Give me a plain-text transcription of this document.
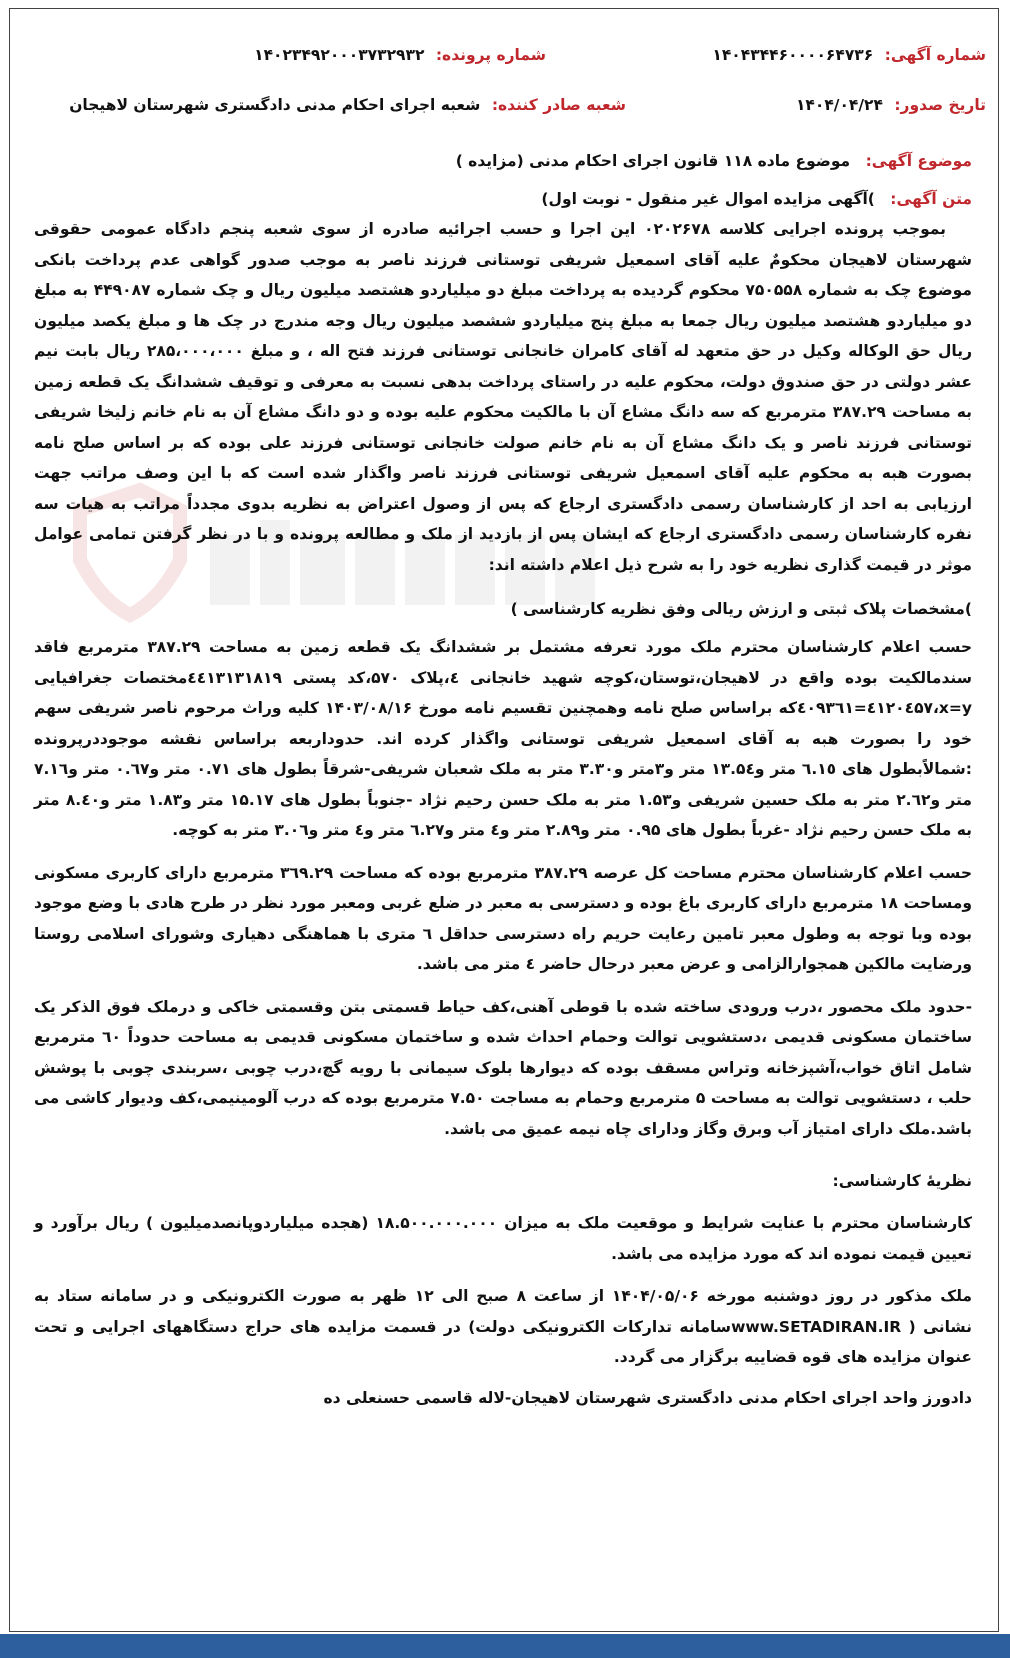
شماره آگهی: ۱۴۰۴۳۴۴۶۰۰۰۰۶۴۷۳۶
شماره پرونده: ۱۴۰۲۳۴۹۲۰۰۰۳۷۳۲۹۳۲
تاریخ صدور: ۱۴۰۴/۰۴/۲۴
شعبه صادر کننده: شعبه اجرای احکام مدنی دادگستری شهرستان لاهیجان
موضوع آگهی: موضوع ماده ۱۱۸ قانون اجرای احکام مدنی (مزایده )
متن آگهی: )آگهی مزایده اموال غیر منقول - نوبت اول)

بموجب پرونده اجرایی کلاسه ۰۲۰۲۶۷۸ این اجرا و حسب اجرائیه صادره از سوی شعبه پنجم دادگاه عمومی حقوقی شهرستان لاهیجان محکومٌ علیه آقای اسمعیل شریفی توستانی فرزند ناصر به موجب صدور گواهی عدم پرداخت بانکی موضوع چک به شماره ۷۵۰۵۵۸ محکوم گردیده به پرداخت مبلغ دو میلیاردو هشتصد میلیون ریال و چک شماره ۴۴۹۰۸۷ به مبلغ دو میلیاردو هشتصد میلیون ریال جمعا به مبلغ پنج میلیاردو ششصد میلیون ریال وجه مندرج در چک ها و مبلغ یکصد میلیون ریال حق الوکاله وکیل در حق متعهد له آقای کامران خانجانی توستانی فرزند فتح اله ، و مبلغ ۲۸۵،۰۰۰،۰۰۰ ریال بابت نیم عشر دولتی در حق صندوق دولت، محکوم علیه در راستای پرداخت بدهی نسبت به معرفی و توقیف ششدانگ یک قطعه زمین به مساحت ۳۸۷.۲۹ مترمربع که سه دانگ مشاع آن با مالکیت محکوم علیه بوده و دو دانگ مشاع آن به نام خانم زلیخا شریفی توستانی فرزند ناصر و یک دانگ مشاع آن به نام خانم صولت خانجانی توستانی فرزند علی بوده که بر اساس صلح نامه بصورت هبه به محکوم علیه آقای اسمعیل شریفی توستانی فرزند ناصر واگذار شده است که با این وصف مراتب جهت ارزیابی به احد از کارشناسان رسمی دادگستری ارجاع که پس از وصول اعتراض به نظریه بدوی مجدداً مراتب به هیات سه نفره کارشناسان رسمی دادگستری ارجاع که ایشان پس از بازدید از ملک و مطالعه پرونده و با در نظر گرفتن تمامی عوامل موثر در قیمت گذاری نظریه خود را به شرح ذیل اعلام داشته اند:

)مشخصات پلاک ثبتی و ارزش ریالی وفق نظریه کارشناسی )

حسب اعلام کارشناسان محترم ملک مورد تعرفه مشتمل بر ششدانگ یک قطعه زمین به مساحت ۳۸۷.۲۹ مترمربع فاقد سندمالکیت بوده واقع در لاهیجان،توستان،کوچه شهید خانجانی ٤،پلاک ۵۷۰،کد پستی ٤٤١٣١٣١٨١٩مختصات جغرافیایی y=٤١٢٠٤۵۷،x=٤٠٩٣٦١که براساس صلح نامه وهمچنین تقسیم نامه مورخ ۱۴۰۳/۰۸/۱۶ کلیه وراث مرحوم ناصر شریفی سهم خود را بصورت هبه به آقای اسمعیل شریفی توستانی واگذار کرده اند. حدوداربعه براساس نقشه موجوددرپرونده :شمالاًبطول های ٦.١٥ متر و١٣.۵٤ متر و٣متر و٣.٣٠ متر به ملک شعبان شریفی-شرقاً بطول های ٠.٧١ متر و٠.٦٧ متر و٧.١٦ متر و٢.٦٢ متر به ملک حسین شریفی و١.۵٣ متر به ملک حسن رحیم نژاد -جنوباً بطول های ١۵.١٧ متر و١.٨٣ متر و٨.٤٠ متر به ملک حسن رحیم نژاد -غرباً بطول های ٠.٩۵ متر و٢.٨٩ متر و٤ متر و٦.٢٧ متر و٤ متر و٣.٠٦ متر به کوچه.

حسب اعلام کارشناسان محترم مساحت کل عرصه ۳۸۷.۲۹ مترمربع بوده که مساحت ٣٦٩.٢٩ مترمربع دارای کاربری مسکونی ومساحت ١٨ مترمربع دارای کاربری باغ بوده و دسترسی به معبر در ضلع غربی ومعبر مورد نظر در طرح هادی با وضع موجود بوده وبا توجه به وطول معبر تامین رعایت حریم راه دسترسی حداقل ٦ متری با هماهنگی دهیاری وشورای اسلامی روستا ورضایت مالکین همجوارالزامی و عرض معبر درحال حاضر ٤ متر می باشد.

-حدود ملک محصور ،درب ورودی ساخته شده با قوطی آهنی،کف حیاط قسمتی بتن وقسمتی خاکی و درملک فوق الذکر یک ساختمان مسکونی قدیمی ،دستشویی توالت وحمام احداث شده و ساختمان مسکونی قدیمی به مساحت حدوداً ٦٠ مترمربع شامل اتاق خواب،آشپزخانه وتراس مسقف بوده که دیوارها بلوک سیمانی با رویه گچ،درب چوبی ،سربندی چوبی با پوشش حلب ، دستشویی توالت به مساحت ۵ مترمربع وحمام به مساجت ٧.۵٠ مترمربع بوده که درب آلومینیمی،کف ودیوار کاشی می باشد.ملک دارای امتیاز آب وبرق وگاز ودارای چاه نیمه عمیق می باشد.

نظریهٔ کارشناسی:

کارشناسان محترم با عنایت شرایط و موقعیت ملک به میزان ۱۸.۵۰۰.۰۰۰.۰۰۰ (هجده میلیاردوپانصدمیلیون ) ریال برآورد و تعیین قیمت نموده اند که مورد مزایده می باشد.

ملک مذکور در روز دوشنبه مورخه ۱۴۰۴/۰۵/۰۶ از ساعت ۸ صبح الی ۱۲ ظهر به صورت الکترونیکی و در سامانه ستاد به نشانی ( www.SETADIRAN.IRسامانه تدارکات الکترونیکی دولت) در قسمت مزایده های حراج دستگاههای اجرایی و تحت عنوان مزایده های قوه قضاییه برگزار می گردد.

دادورز واحد اجرای احکام مدنی دادگستری شهرستان لاهیجان-لاله قاسمی حسنعلی ده
